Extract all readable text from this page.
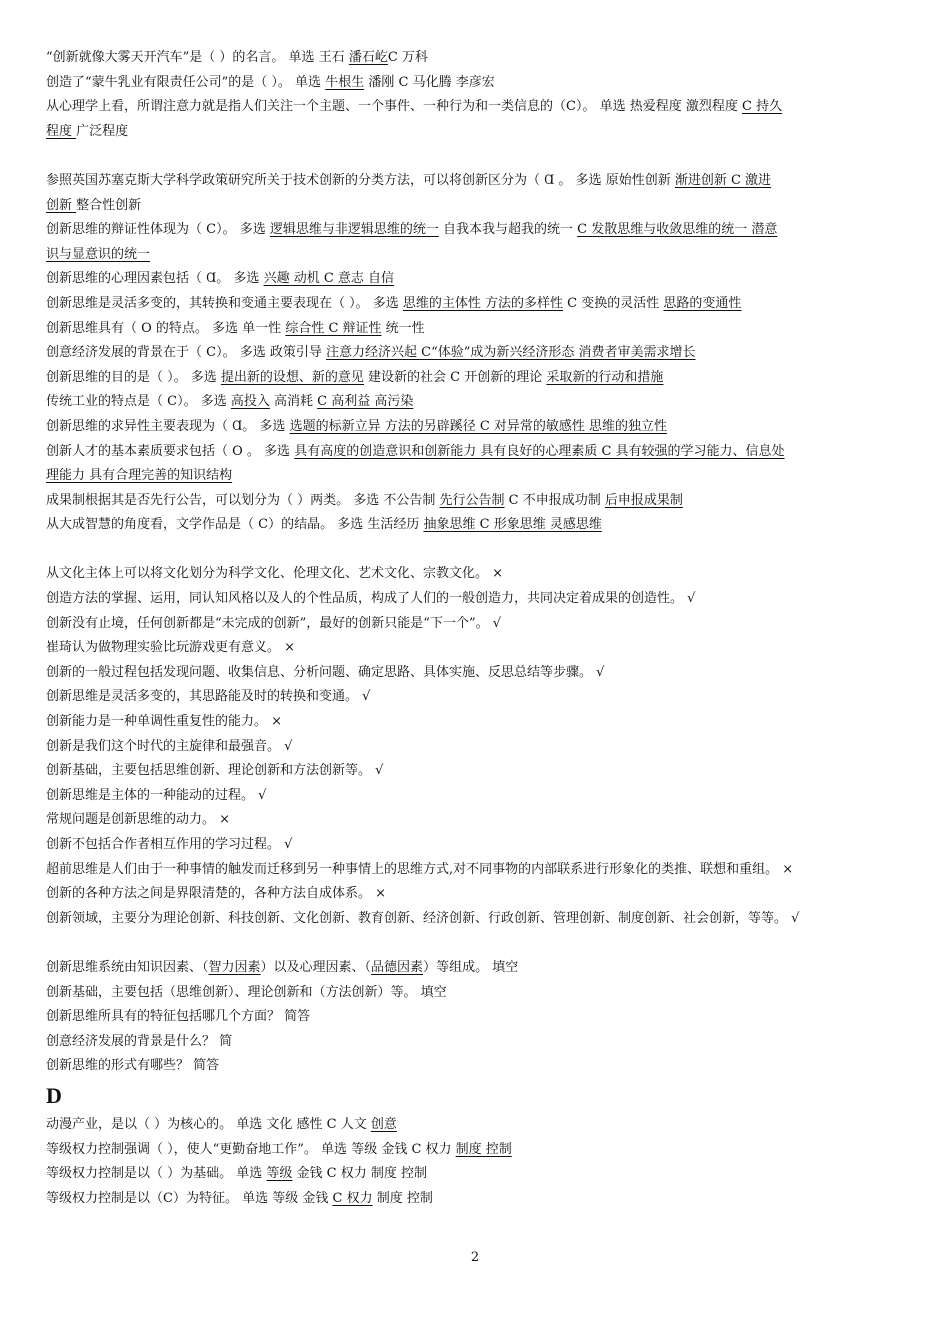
“创新就像大雾天开汽车”是（ ）的名言。 单选 王石 潘石屹C 万科
创造了“蒙牛乳业有限责任公司”的是（ ）。 单选 牛根生 潘刚 C 马化腾 李彦宏
从心理学上看，所谓注意力就是指人们关注一个主题、一个事件、一种行为和一类信息的（C）。 单选 热爱程度 激烈程度 C 持久
程度 广泛程度
参照英国苏塞克斯大学科学政策研究所关于技术创新的分类方法，可以将创新区分为（ Ɑ 。 多选 原始性创新 渐进创新 C 激进
创新 整合性创新
创新思维的辩证性体现为（ C）。 多选 逻辑思维与非逻辑思维的统一 自我本我与超我的统一 C 发散思维与收敛思维的统一 潜意
识与显意识的统一
创新思维的心理因素包括（ Ɑ。 多选 兴趣 动机 C 意志 自信
创新思维是灵活多变的，其转换和变通主要表现在（ ）。 多选 思维的主体性 方法的多样性 C 变换的灵活性 思路的变通性
创新思维具有（ O 的特点。 多选 单一性 综合性 C 辩证性 统一性
创意经济发展的背景在于（ C）。 多选 政策引导 注意力经济兴起 C“体验”成为新兴经济形态 消费者审美需求增长
创新思维的目的是（ ）。 多选 提出新的设想、新的意见 建设新的社会 C 开创新的理论 采取新的行动和措施
传统工业的特点是（ C）。 多选 高投入 高消耗 C 高利益 高污染
创新思维的求异性主要表现为（ Ɑ。 多选 选题的标新立异 方法的另辟蹊径 C 对异常的敏感性 思维的独立性
创新人才的基本素质要求包括（ O 。 多选 具有高度的创造意识和创新能力 具有良好的心理素质 C 具有较强的学习能力、信息处
理能力 具有合理完善的知识结构
成果制根据其是否先行公告，可以划分为（ ）两类。 多选 不公告制 先行公告制 C 不申报成功制 后申报成果制
从大成智慧的角度看，文学作品是（ C）的结晶。 多选 生活经历 抽象思维 C 形象思维 灵感思维
从文化主体上可以将文化划分为科学文化、伦理文化、艺术文化、宗教文化。 ×
创造方法的掌握、运用，同认知风格以及人的个性品质，构成了人们的一般创造力，共同决定着成果的创造性。 √
创新没有止境，任何创新都是“未完成的创新”，最好的创新只能是“下一个”。 √
崔琦认为做物理实验比玩游戏更有意义。 ×
创新的一般过程包括发现问题、收集信息、分析问题、确定思路、具体实施、反思总结等步骤。 √
创新思维是灵活多变的，其思路能及时的转换和变通。 √
创新能力是一种单调性重复性的能力。 ×
创新是我们这个时代的主旋律和最强音。 √
创新基础，主要包括思维创新、理论创新和方法创新等。 √
创新思维是主体的一种能动的过程。 √
常规问题是创新思维的动力。 ×
创新不包括合作者相互作用的学习过程。 √
超前思维是人们由于一种事情的触发而迁移到另一种事情上的思维方式,对不同事物的内部联系进行形象化的类推、联想和重组。 ×
创新的各种方法之间是界限清楚的，各种方法自成体系。 ×
创新领域，主要分为理论创新、科技创新、文化创新、教育创新、经济创新、行政创新、管理创新、制度创新、社会创新，等等。 √
创新思维系统由知识因素、（智力因素）以及心理因素、（品德因素）等组成。 填空
创新基础，主要包括（思维创新）、理论创新和（方法创新）等。 填空
创新思维所具有的特征包括哪几个方面？ 简答
创意经济发展的背景是什么？ 简
创新思维的形式有哪些？ 简答
D
动漫产业，是以（ ）为核心的。 单选 文化 感性 C 人文 创意
等级权力控制强调（ ），使人“更勤奋地工作”。 单选 等级 金钱 C 权力 制度 控制
等级权力控制是以（ ）为基础。 单选 等级 金钱 C 权力 制度 控制
等级权力控制是以（C）为特征。 单选 等级 金钱 C 权力 制度 控制
2
